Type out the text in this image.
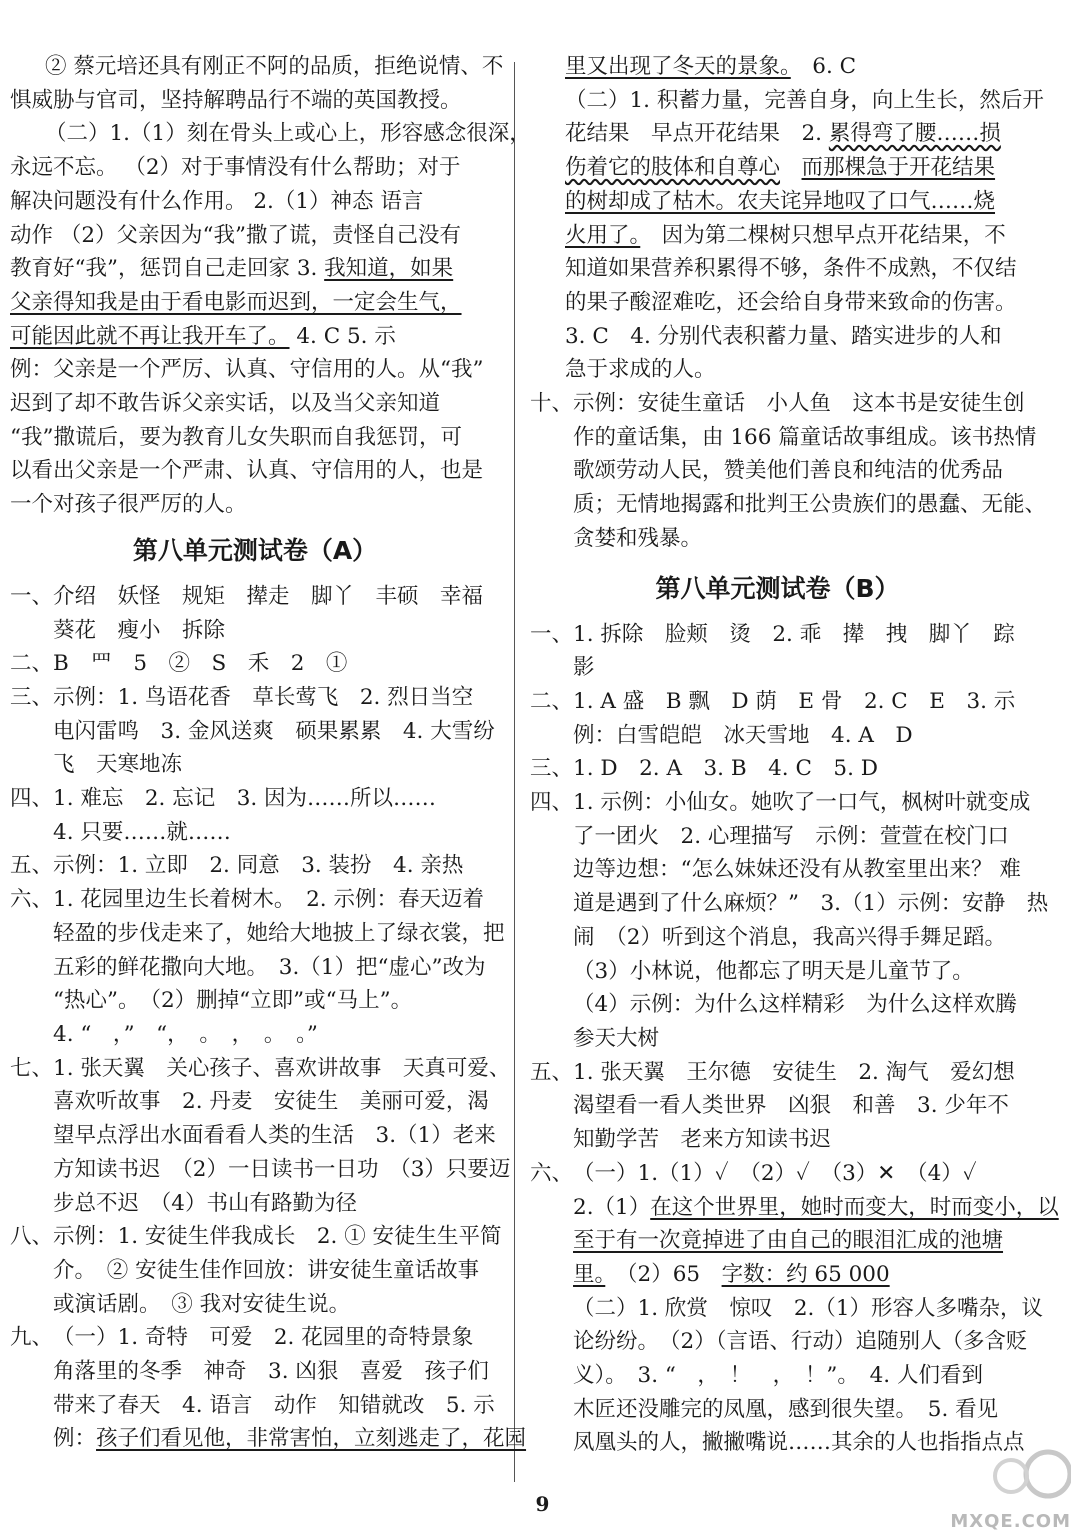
② 蔡元培还具有刚正不阿的品质，拒绝说情、不
惧威胁与官司，坚持解聘品行不端的英国教授。
（二）1.（1）刻在骨头上或心上，形容感念很深，
永远不忘。 （2）对于事情没有什么帮助；对于
解决问题没有什么作用。 2.（1）神态 语言
动作 （2）父亲因为“我”撒了谎，责怪自己没有
教育好“我”，惩罚自己走回家 3. 我知道，如果
父亲得知我是由于看电影而迟到，一定会生气，
可能因此就不再让我开车了。 4. C 5. 示
例：父亲是一个严厉、认真、守信用的人。从“我”
迟到了却不敢告诉父亲实话，以及当父亲知道
“我”撒谎后，要为教育儿女失职而自我惩罚，可
以看出父亲是一个严肃、认真、守信用的人，也是
一个对孩子很严厉的人。
第八单元测试卷（A）
一、 介绍　妖怪　规矩　撵走　脚丫　丰硕　幸福
葵花　瘦小　拆除
二、 B　罒　5　②　S　禾　2　①
三、 示例：1. 鸟语花香　草长莺飞　2. 烈日当空
电闪雷鸣　3. 金风送爽　硕果累累　4. 大雪纷
飞　天寒地冻
四、 1. 难忘　2. 忘记　3. 因为……所以……
4. 只要……就……
五、 示例：1. 立即　2. 同意　3. 装扮　4. 亲热
六、 1. 花园里边生长着树木。　2. 示例：春天迈着
轻盈的步伐走来了，她给大地披上了绿衣裳，把
五彩的鲜花撒向大地。　3.（1）把“虚心”改为
“热心”。　（2）删掉“立即”或“马上”。
4. “　，”　“，　。　，　。　。”
七、 1. 张天翼　关心孩子、喜欢讲故事　天真可爱、
喜欢听故事　2. 丹麦　安徒生　美丽可爱，渴
望早点浮出水面看看人类的生活　3.（1）老来
方知读书迟　（2）一日读书一日功　（3）只要迈
步总不迟　（4）书山有路勤为径
八、 示例：1. 安徒生伴我成长　2. ① 安徒生生平简
介。　② 安徒生佳作回放：讲安徒生童话故事
或演话剧。　③ 我对安徒生说。
九、 （一）1. 奇特　可爱　2. 花园里的奇特景象
角落里的冬季　神奇　3. 凶狠　喜爱　孩子们
带来了春天　4. 语言　动作　知错就改　5. 示
例：孩子们看见他，非常害怕，立刻逃走了，花园
里又出现了冬天的景象。　6. C
（二）1. 积蓄力量，完善自身，向上生长，然后开
花结果　早点开花结果　2. 累得弯了腰……损
伤着它的肢体和自尊心　 而那棵急于开花结果
的树却成了枯木。农夫诧异地叹了口气……烧
火用了。　因为第二棵树只想早点开花结果，不
知道如果营养积累得不够，条件不成熟，不仅结
的果子酸涩难吃，还会给自身带来致命的伤害。
3. C　4. 分别代表积蓄力量、踏实进步的人和
急于求成的人。
十、 示例：安徒生童话　小人鱼　这本书是安徒生创
作的童话集，由 166 篇童话故事组成。该书热情
歌颂劳动人民，赞美他们善良和纯洁的优秀品
质；无情地揭露和批判王公贵族们的愚蠢、无能、
贪婪和残暴。
第八单元测试卷（B）
一、 1. 拆除　脸颊　烫　2. 乖　撵　拽　脚丫　踪
影
二、 1. A 盛　B 飘　D 荫　E 骨　2. C　E　3. 示
例：白雪皑皑　冰天雪地　4. A　D
三、 1. D　2. A　3. B　4. C　5. D
四、 1. 示例：小仙女。她吹了一口气，枫树叶就变成
了一团火　2. 心理描写　示例：萱萱在校门口
边等边想：“怎么妹妹还没有从教室里出来？ 难
道是遇到了什么麻烦？”　3.（1）示例：安静　热
闹　（2）听到这个消息，我高兴得手舞足蹈。
（3）小林说，他都忘了明天是儿童节了。
（4）示例：为什么这样精彩　为什么这样欢腾
参天大树
五、 1. 张天翼　王尔德　安徒生　2. 淘气　爱幻想
渴望看一看人类世界　凶狠　和善　3. 少年不
知勤学苦　老来方知读书迟
六、 （一）1.（1）✓　（2）✓　（3）✕　（4）✓
2.（1）在这个世界里，她时而变大，时而变小，以
至于有一次竟掉进了由自己的眼泪汇成的池塘
里。　（2）65　字数：约 65 000
（二）1. 欣赏　惊叹　2.（1）形容人多嘴杂，议
论纷纷。　（2）（言语、行动）追随别人（多含贬
义）。　3. “　，　！　，　！”。　4. 人们看到
木匠还没雕完的凤凰，感到很失望。　5. 看见
凤凰头的人，撇撇嘴说……其余的人也指指点点
9
MXQE.COM
